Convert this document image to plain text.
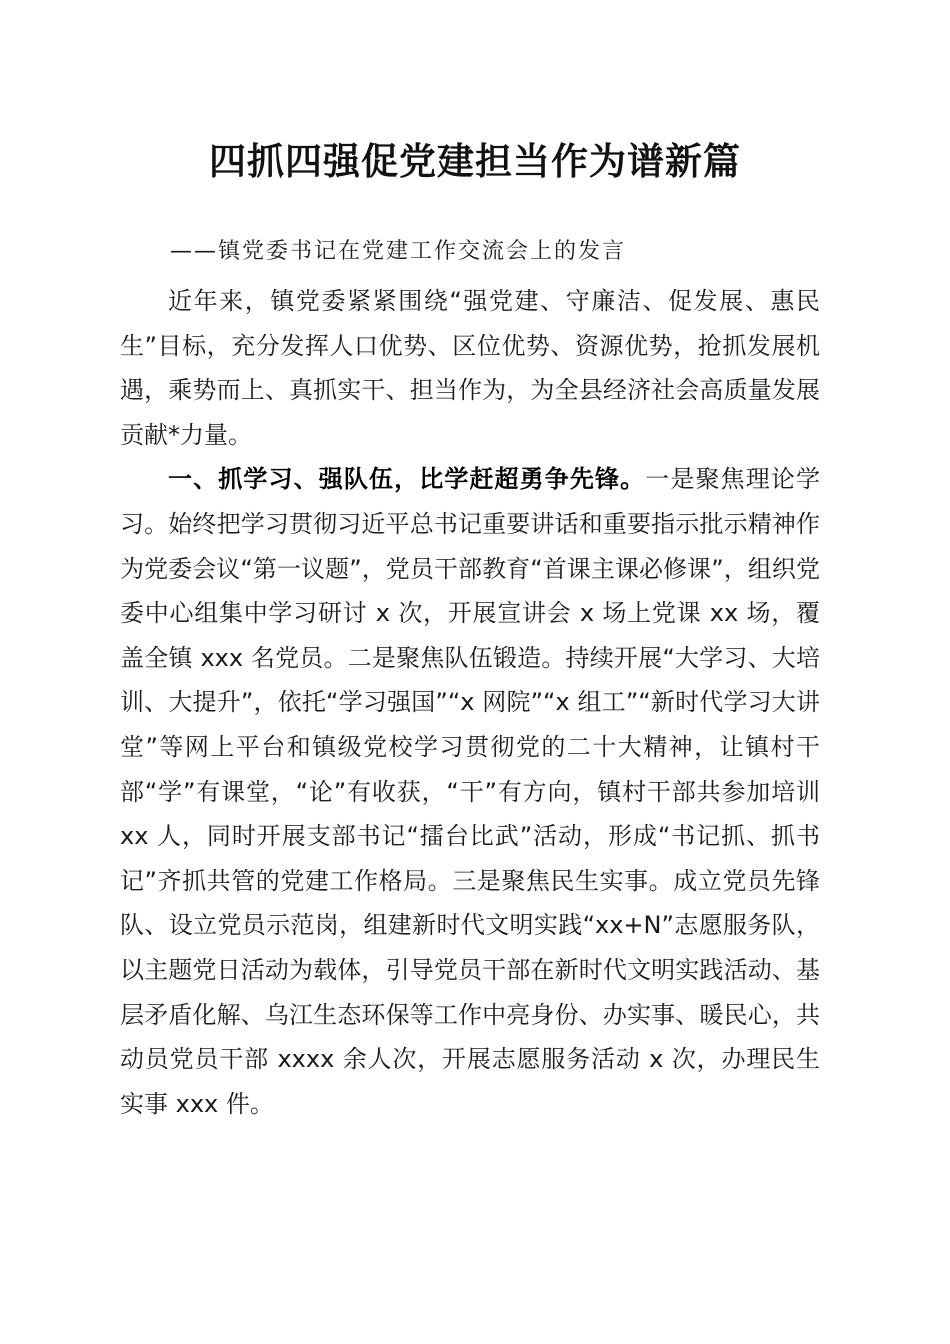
四抓四强促党建担当作为谱新篇
——镇党委书记在党建工作交流会上的发言

近年来，镇党委紧紧围绕“强党建、守廉洁、促发展、惠民生”目标，充分发挥人口优势、区位优势、资源优势，抢抓发展机遇，乘势而上、真抓实干、担当作为，为全县经济社会高质量发展贡献*力量。

一、抓学习、强队伍，比学赶超勇争先锋。一是聚焦理论学习。始终把学习贯彻习近平总书记重要讲话和重要指示批示精神作为党委会议“第一议题”，党员干部教育“首课主课必修课”，组织党委中心组集中学习研讨 x 次，开展宣讲会 x 场上党课 xx 场，覆盖全镇 xxx 名党员。二是聚焦队伍锻造。持续开展“大学习、大培训、大提升”，依托“学习强国”“x 网院”“x 组工”“新时代学习大讲堂”等网上平台和镇级党校学习贯彻党的二十大精神，让镇村干部“学”有课堂，“论”有收获，“干”有方向，镇村干部共参加培训 xx 人，同时开展支部书记“擂台比武”活动，形成“书记抓、抓书记”齐抓共管的党建工作格局。三是聚焦民生实事。成立党员先锋队、设立党员示范岗，组建新时代文明实践“xx+N”志愿服务队，以主题党日活动为载体，引导党员干部在新时代文明实践活动、基层矛盾化解、乌江生态环保等工作中亮身份、办实事、暖民心，共动员党员干部 xxxx 余人次，开展志愿服务活动 x 次，办理民生实事 xxx 件。
